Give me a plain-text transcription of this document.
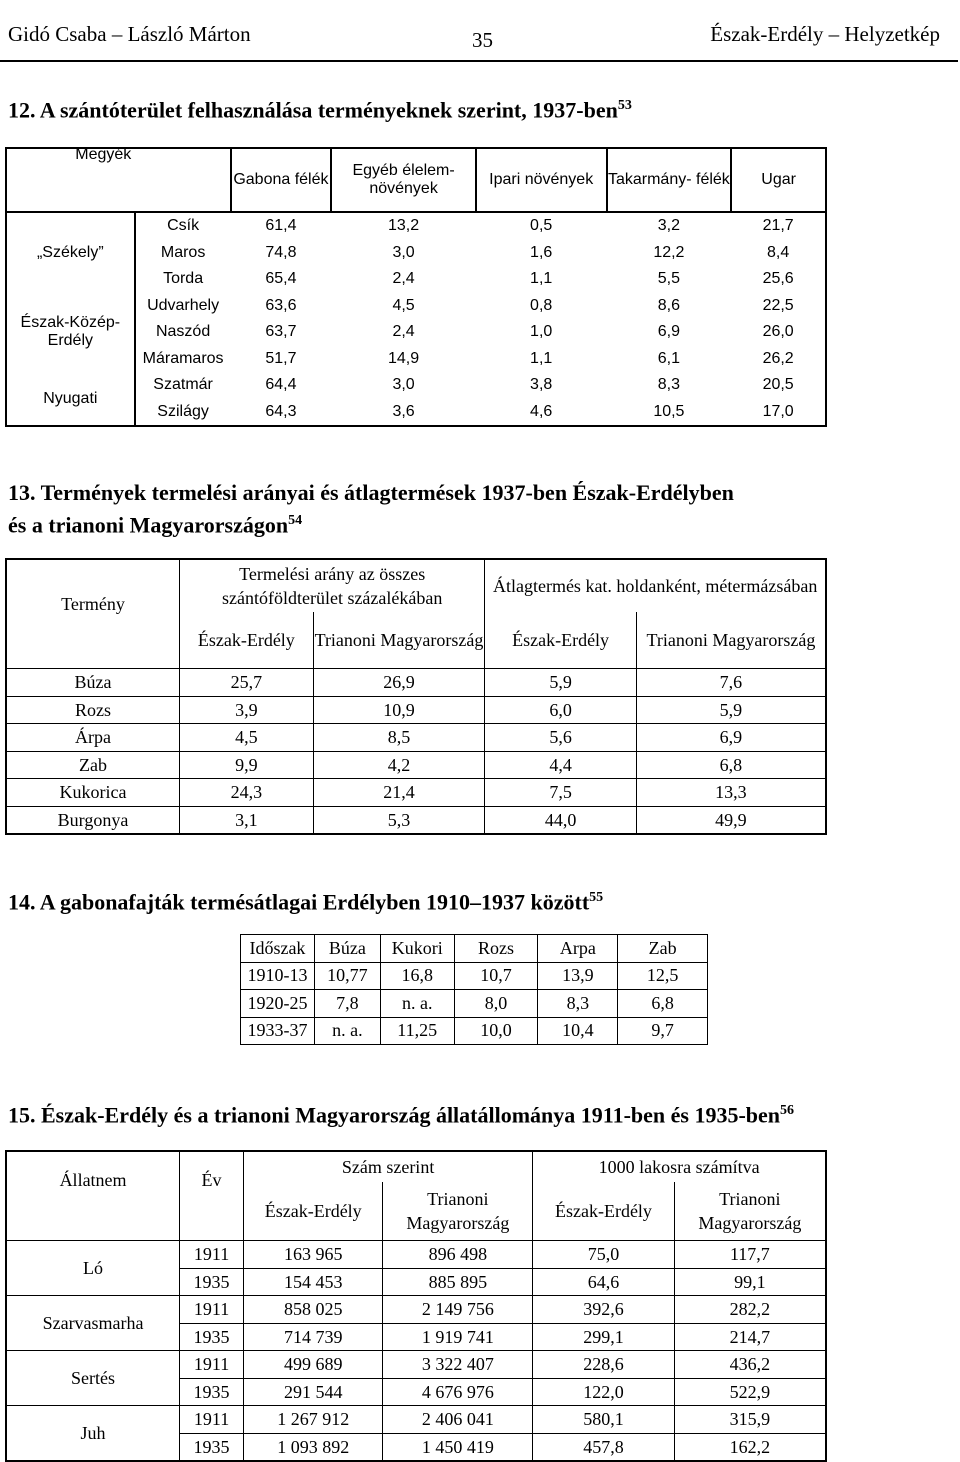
Gidó Csaba – László Márton	35	Észak-Erdély – Helyzetkép
12. A szántóterület felhasználása terményeknek szerint, 1937-ben$^{53}$
Megyék		Gabona félék	Egyéb élelem- növények	Ipari növények	Takarmány- félék	Ugar
„Székely”	Csík	61,4	13,2	0,5	3,2	21,7
	Maros	74,8	3,0	1,6	12,2	8,4
	Torda	65,4	2,4	1,1	5,5	25,6
Észak-Közép- Erdély	Udvarhely	63,6	4,5	0,8	8,6	22,5
	Naszód	63,7	2,4	1,0	6,9	26,0
	Máramaros	51,7	14,9	1,1	6,1	26,2
Nyugati	Szatmár	64,4	3,0	3,8	8,3	20,5
	Szilágy	64,3	3,6	4,6	10,5	17,0
13. Termények termelési arányai és átlagtermések 1937-ben Észak-Erdélyben
és a trianoni Magyarországon$^{54}$
Termény	Termelési arány az összes szántóföldterület százalékában		Átlagtermés kat. holdanként, métermázsában	
	Észak-Erdély	Trianoni Magyarország	Észak-Erdély	Trianoni Magyarország
Búza	25,7	26,9	5,9	7,6
Rozs	3,9	10,9	6,0	5,9
Árpa	4,5	8,5	5,6	6,9
Zab	9,9	4,2	4,4	6,8
Kukorica	24,3	21,4	7,5	13,3
Burgonya	3,1	5,3	44,0	49,9
14. A gabonafajták termésátlagai Erdélyben 1910–1937 között$^{55}$
Időszak	Búza	Kukori	Rozs	Arpa	Zab
1910-13	10,77	16,8	10,7	13,9	12,5
1920-25	7,8	n. a.	8,0	8,3	6,8
1933-37	n. a.	11,25	10,0	10,4	9,7
15. Észak-Erdély és a trianoni Magyarország állatállománya 1911-ben és 1935-ben$^{56}$
Állatnem	Év	Szám szerint		1000 lakosra számítva	
		Észak-Erdély	Trianoni Magyarország	Észak-Erdély	Trianoni Magyarország
Ló	1911	163 965	896 498	75,0	117,7
	1935	154 453	885 895	64,6	99,1
Szarvasmarha	1911	858 025	2 149 756	392,6	282,2
	1935	714 739	1 919 741	299,1	214,7
Sertés	1911	499 689	3 322 407	228,6	436,2
	1935	291 544	4 676 976	122,0	522,9
Juh	1911	1 267 912	2 406 041	580,1	315,9
	1935	1 093 892	1 450 419	457,8	162,2
